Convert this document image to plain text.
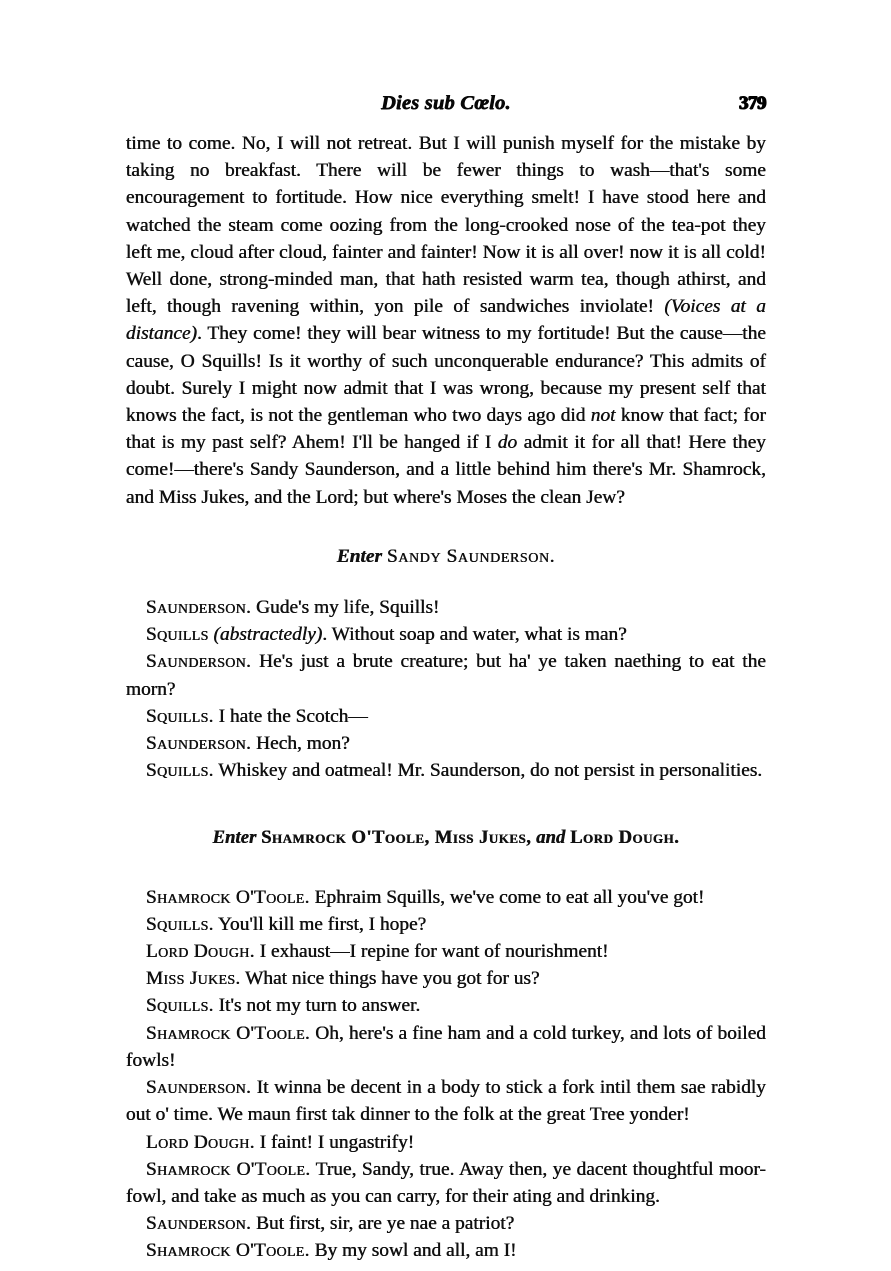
Dies sub Cœlo.	379

time to come. No, I will not retreat. But I will punish myself for the mistake by taking no breakfast. There will be fewer things to wash—that's some encouragement to fortitude. How nice everything smelt! I have stood here and watched the steam come oozing from the long-crooked nose of the tea-pot they left me, cloud after cloud, fainter and fainter! Now it is all over! now it is all cold! Well done, strong-minded man, that hath resisted warm tea, though athirst, and left, though ravening within, yon pile of sandwiches inviolate! (Voices at a distance). They come! they will bear witness to my fortitude! But the cause—the cause, O Squills! Is it worthy of such unconquerable endurance? This admits of doubt. Surely I might now admit that I was wrong, because my present self that knows the fact, is not the gentleman who two days ago did not know that fact; for that is my past self? Ahem! I'll be hanged if I do admit it for all that! Here they come!—there's Sandy Saunderson, and a little behind him there's Mr. Shamrock, and Miss Jukes, and the Lord; but where's Moses the clean Jew?

Enter Sandy Saunderson.

Saunderson. Gude's my life, Squills!

Squills (abstractedly). Without soap and water, what is man?

Saunderson. He's just a brute creature; but ha' ye taken naething to eat the morn?

Squills. I hate the Scotch—

Saunderson. Hech, mon?

Squills. Whiskey and oatmeal! Mr. Saunderson, do not persist in personalities.

Enter Shamrock O'Toole, Miss Jukes, and Lord Dough.

Shamrock O'Toole. Ephraim Squills, we've come to eat all you've got!

Squills. You'll kill me first, I hope?

Lord Dough. I exhaust—I repine for want of nourishment!

Miss Jukes. What nice things have you got for us?

Squills. It's not my turn to answer.

Shamrock O'Toole. Oh, here's a fine ham and a cold turkey, and lots of boiled fowls!

Saunderson. It winna be decent in a body to stick a fork intil them sae rabidly out o' time. We maun first tak dinner to the folk at the great Tree yonder!

Lord Dough. I faint! I ungastrify!

Shamrock O'Toole. True, Sandy, true. Away then, ye dacent thoughtful moor-fowl, and take as much as you can carry, for their ating and drinking.

Saunderson. But first, sir, are ye nae a patriot?

Shamrock O'Toole. By my sowl and all, am I!
